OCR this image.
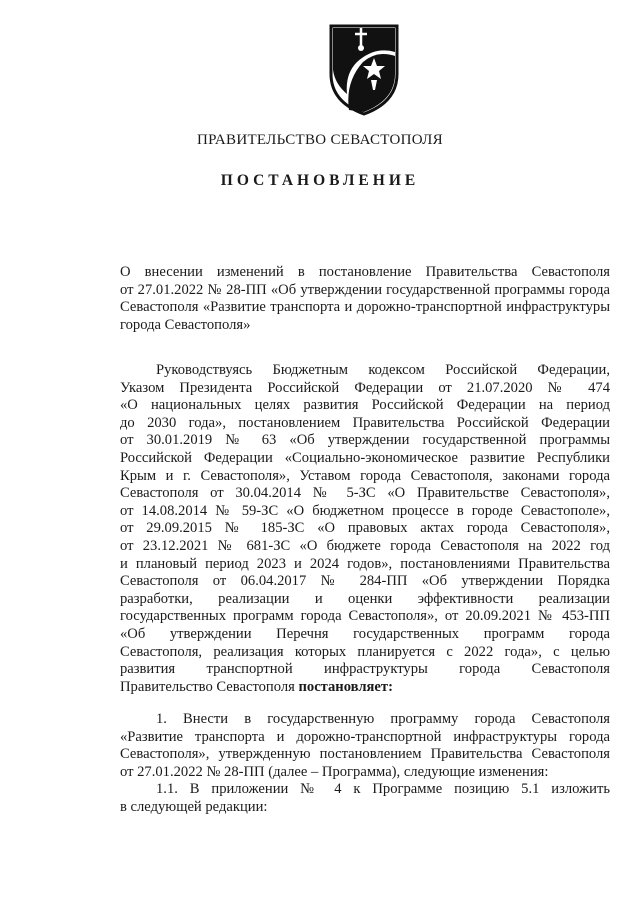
ПРАВИТЕЛЬСТВО СЕВАСТОПОЛЯ
ПОСТАНОВЛЕНИЕ
О внесении изменений в постановление Правительства Севастополя
от 27.01.2022 № 28-ПП «Об утверждении государственной программы города
Севастополя «Развитие транспорта и дорожно-транспортной инфраструктуры
города Севастополя»
Руководствуясь Бюджетным кодексом Российской Федерации,
Указом Президента Российской Федерации от 21.07.2020 № 474
«О национальных целях развития Российской Федерации на период
до 2030 года», постановлением Правительства Российской Федерации
от 30.01.2019 № 63 «Об утверждении государственной программы
Российской Федерации «Социально-экономическое развитие Республики
Крым и г. Севастополя», Уставом города Севастополя, законами города
Севастополя от 30.04.2014 № 5-ЗС «О Правительстве Севастополя»,
от 14.08.2014 № 59-ЗС «О бюджетном процессе в городе Севастополе»,
от 29.09.2015 № 185-ЗС «О правовых актах города Севастополя»,
от 23.12.2021 № 681-ЗС «О бюджете города Севастополя на 2022 год
и плановый период 2023 и 2024 годов», постановлениями Правительства
Севастополя от 06.04.2017 № 284-ПП «Об утверждении Порядка
разработки, реализации и оценки эффективности реализации
государственных программ города Севастополя», от 20.09.2021 № 453-ПП
«Об утверждении Перечня государственных программ города
Севастополя, реализация которых планируется с 2022 года», с целью
развития транспортной инфраструктуры города Севастополя
Правительство Севастополя постановляет:
1. Внести в государственную программу города Севастополя
«Развитие транспорта и дорожно-транспортной инфраструктуры города
Севастополя», утвержденную постановлением Правительства Севастополя
от 27.01.2022 № 28-ПП (далее – Программа), следующие изменения:
1.1. В приложении № 4 к Программе позицию 5.1 изложить
в следующей редакции:
